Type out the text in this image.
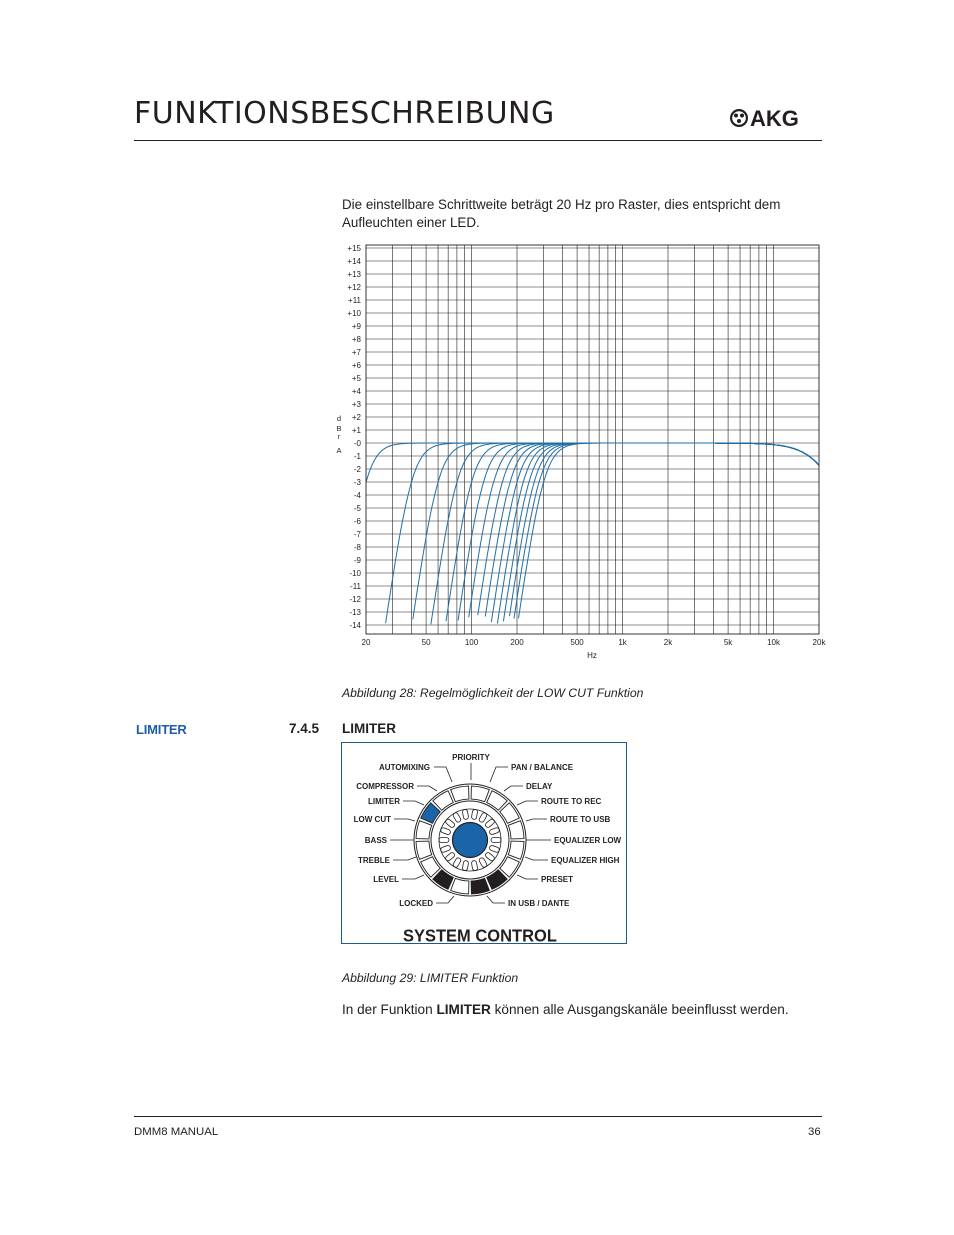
FUNKTIONSBESCHREIBUNG	AKG
Die einstellbare Schrittweite beträgt 20 Hz pro Raster, dies entspricht dem Aufleuchten einer LED.
+15
+14
+13
+12
+11
+10
+9
+8
+7
+6
+5
+4
+3
+2
+1
-0
-1
-2
-3
-4
-5
-6
-7
-8
-9
-10
-11
-12
-13
-14
20	50	100	200	500	1k	2k	5k	10k	20k
d
B
r
A
Hz
Abbildung 28: Regelmöglichkeit der LOW CUT Funktion
LIMITER	7.4.5 LIMITER
PRIORITY
AUTOMIXING	PAN / BALANCE
COMPRESSOR	DELAY
LIMITER	ROUTE TO REC
LOW CUT	ROUTE TO USB
BASS	EQUALIZER LOW
TREBLE	EQUALIZER HIGH
LEVEL	PRESET
LOCKED	IN USB / DANTE
SYSTEM CONTROL
Abbildung 29: LIMITER Funktion
In der Funktion LIMITER können alle Ausgangskanäle beeinflusst werden.
DMM8 MANUAL	36
